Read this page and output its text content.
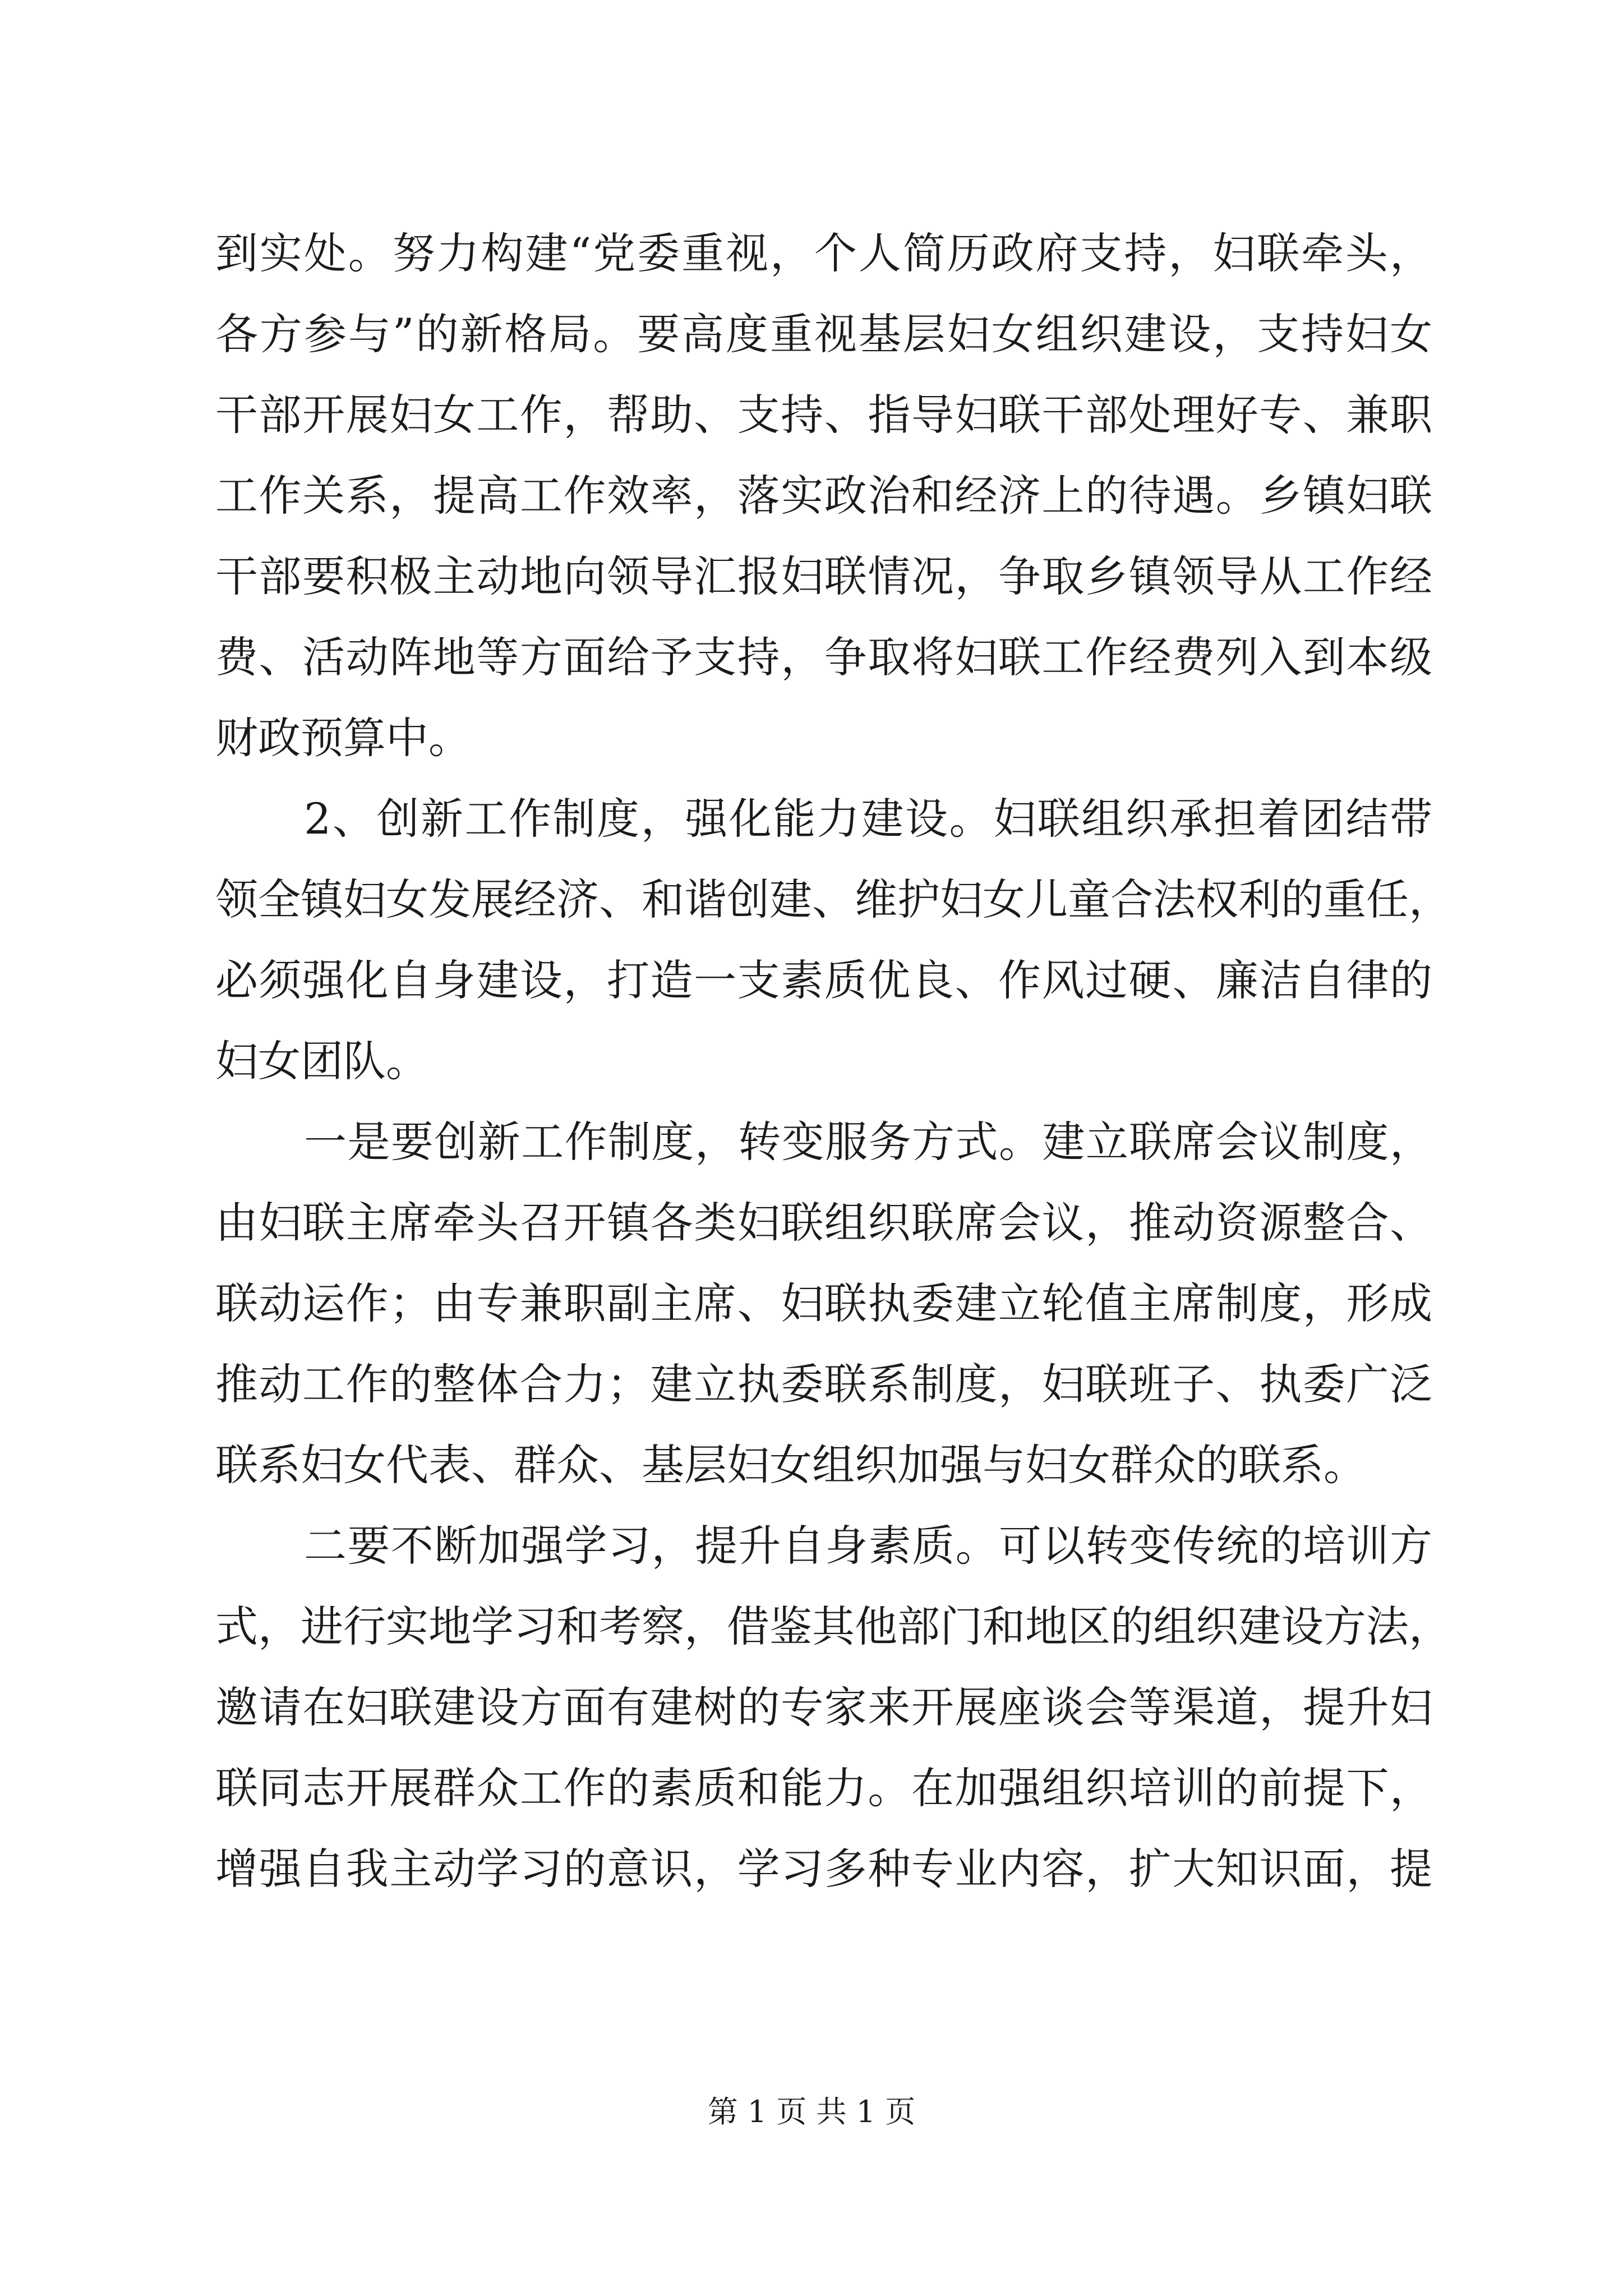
到实处。努力构建“党委重视，个人简历政府支持，妇联牵头，
各方参与”的新格局。要高度重视基层妇女组织建设，支持妇女
干部开展妇女工作，帮助、支持、指导妇联干部处理好专、兼职
工作关系，提高工作效率，落实政治和经济上的待遇。乡镇妇联
干部要积极主动地向领导汇报妇联情况，争取乡镇领导从工作经
费、活动阵地等方面给予支持，争取将妇联工作经费列入到本级
财政预算中。
2、创新工作制度，强化能力建设。妇联组织承担着团结带
领全镇妇女发展经济、和谐创建、维护妇女儿童合法权利的重任，
必须强化自身建设，打造一支素质优良、作风过硬、廉洁自律的
妇女团队。
一是要创新工作制度，转变服务方式。建立联席会议制度，
由妇联主席牵头召开镇各类妇联组织联席会议，推动资源整合、
联动运作；由专兼职副主席、妇联执委建立轮值主席制度，形成
推动工作的整体合力；建立执委联系制度，妇联班子、执委广泛
联系妇女代表、群众、基层妇女组织加强与妇女群众的联系。
二要不断加强学习，提升自身素质。可以转变传统的培训方
式，进行实地学习和考察，借鉴其他部门和地区的组织建设方法，
邀请在妇联建设方面有建树的专家来开展座谈会等渠道，提升妇
联同志开展群众工作的素质和能力。在加强组织培训的前提下，
增强自我主动学习的意识，学习多种专业内容，扩大知识面，提
第 1 页 共 1 页
